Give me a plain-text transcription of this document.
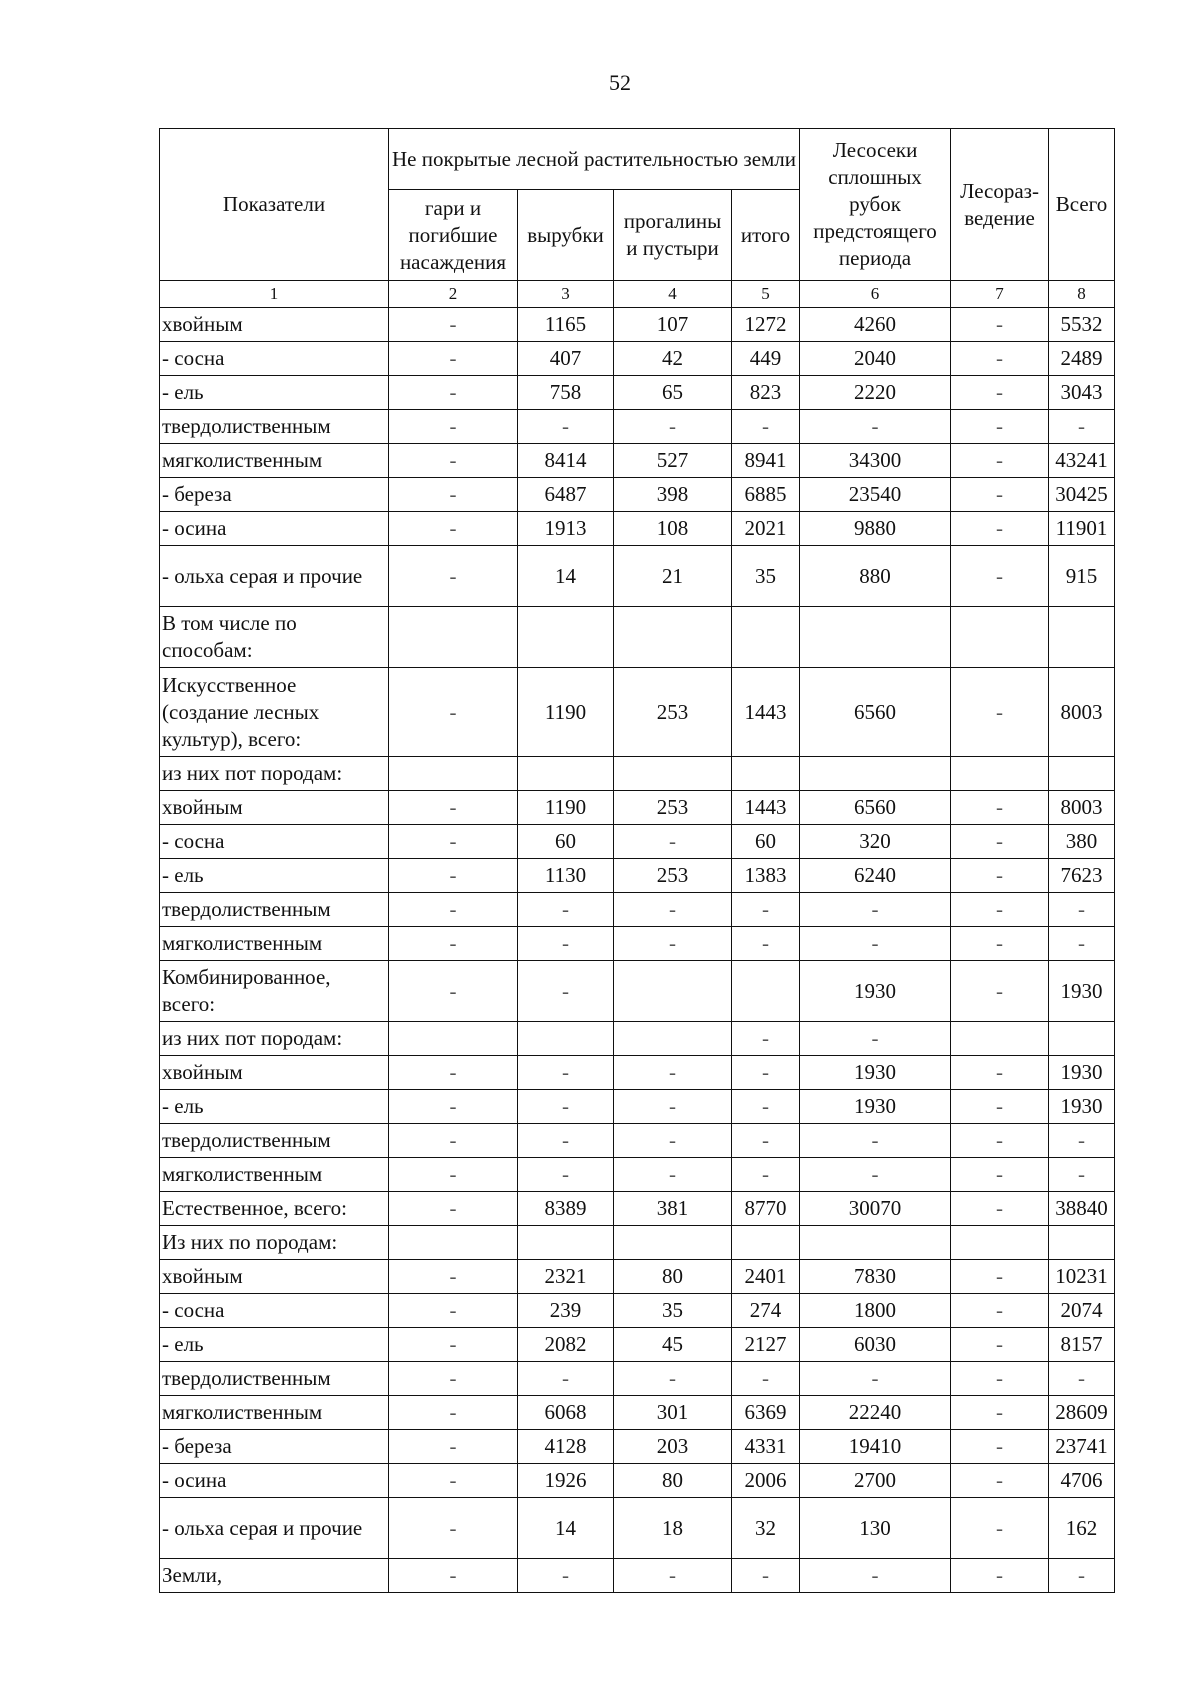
52
Показатели	Не покрытые лесной растительностью земли				Лесосеки сплошных рубок предстоящего периода	Лесораз-ведение	Всего
	гари и погибшие насаждения	вырубки	прогалины и пустыри	итого			
1	2	3	4	5	6	7	8
хвойным	-	1165	107	1272	4260	-	5532
- сосна	-	407	42	449	2040	-	2489
- ель	-	758	65	823	2220	-	3043
твердолиственным	-	-	-	-	-	-	-
мягколиственным	-	8414	527	8941	34300	-	43241
- береза	-	6487	398	6885	23540	-	30425
- осина	-	1913	108	2021	9880	-	11901
- ольха серая и прочие	-	14	21	35	880	-	915
В том числе по способам:							
Искусственное (создание лесных культур), всего:	-	1190	253	1443	6560	-	8003
из них пот породам:							
хвойным	-	1190	253	1443	6560	-	8003
- сосна	-	60	-	60	320	-	380
- ель	-	1130	253	1383	6240	-	7623
твердолиственным	-	-	-	-	-	-	-
мягколиственным	-	-	-	-	-	-	-
Комбинированное, всего:	-	-			1930	-	1930
из них пот породам:				-	-		
хвойным	-	-	-	-	1930	-	1930
- ель	-	-	-	-	1930	-	1930
твердолиственным	-	-	-	-	-	-	-
мягколиственным	-	-	-	-	-	-	-
Естественное, всего:	-	8389	381	8770	30070	-	38840
Из них по породам:							
хвойным	-	2321	80	2401	7830	-	10231
- сосна	-	239	35	274	1800	-	2074
- ель	-	2082	45	2127	6030	-	8157
твердолиственным	-	-	-	-	-	-	-
мягколиственным	-	6068	301	6369	22240	-	28609
- береза	-	4128	203	4331	19410	-	23741
- осина	-	1926	80	2006	2700	-	4706
- ольха серая и прочие	-	14	18	32	130	-	162
Земли,	-	-	-	-	-	-	-
